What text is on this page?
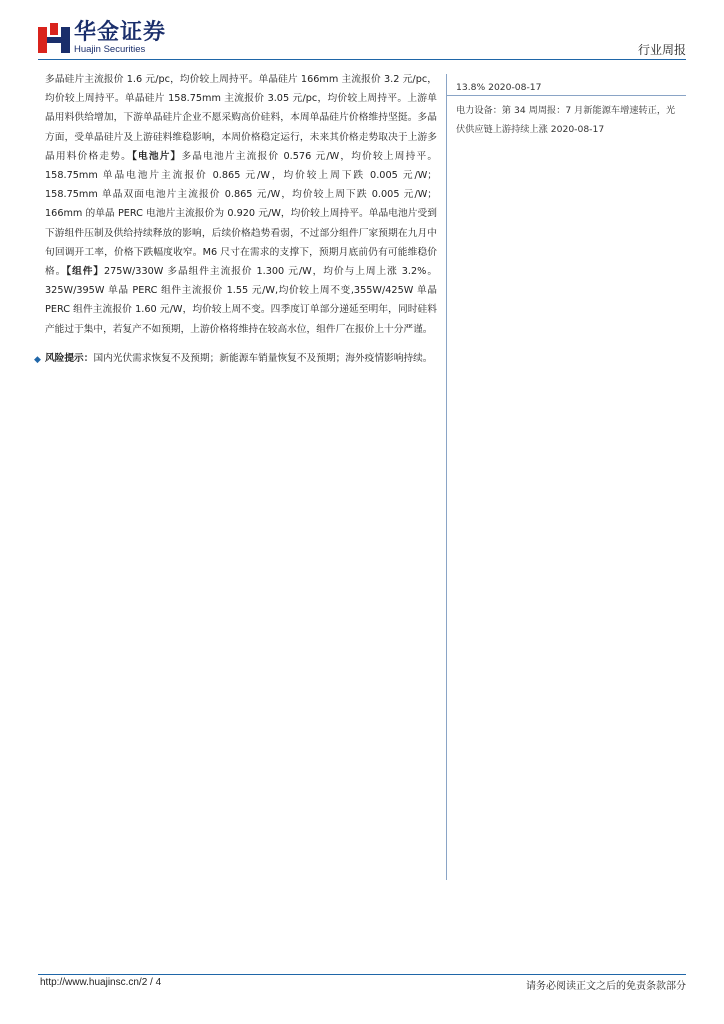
华金证券
Huajin Securities	行业周报

多晶硅片主流报价 1.6 元/pc，均价较上周持平。单晶硅片 166mm 主流报价 3.2 元/pc，均价较上周持平。单晶硅片 158.75mm 主流报价 3.05 元/pc，均价较上周持平。上游单晶用料供给增加，下游单晶硅片企业不愿采购高价硅料，本周单晶硅片价格维持坚挺。多晶方面，受单晶硅片及上游硅料维稳影响，本周价格稳定运行，未来其价格走势取决于上游多晶用料价格走势。【电池片】多晶电池片主流报价 0.576 元/W，均价较上周持平。158.75mm 单晶电池片主流报价 0.865 元/W，均价较上周下跌 0.005 元/W；158.75mm 单晶双面电池片主流报价 0.865 元/W，均价较上周下跌 0.005 元/W；166mm 的单晶 PERC 电池片主流报价为 0.920 元/W，均价较上周持平。单晶电池片受到下游组件压制及供给持续释放的影响，后续价格趋势看弱，不过部分组件厂家预期在九月中旬回调开工率，价格下跌幅度收窄。M6 尺寸在需求的支撑下，预期月底前仍有可能维稳价格。【组件】275W/330W 多晶组件主流报价 1.300 元/W，均价与上周上涨 3.2%。325W/395W 单晶 PERC 组件主流报价 1.55 元/W,均价较上周不变,355W/425W 单晶 PERC 组件主流报价 1.60 元/W，均价较上周不变。四季度订单部分递延至明年，同时硅料产能过于集中，若复产不如预期，上游价格将维持在较高水位，组件厂在报价上十分严谨。

◆ 风险提示：国内光伏需求恢复不及预期；新能源车销量恢复不及预期；海外疫情影响持续。

13.8% 2020-08-17

电力设备：第 34 周周报：7 月新能源车增速转正，光伏供应链上游持续上涨 2020-08-17

http://www.huajinsc.cn/2 / 4	请务必阅读正文之后的免责条款部分
